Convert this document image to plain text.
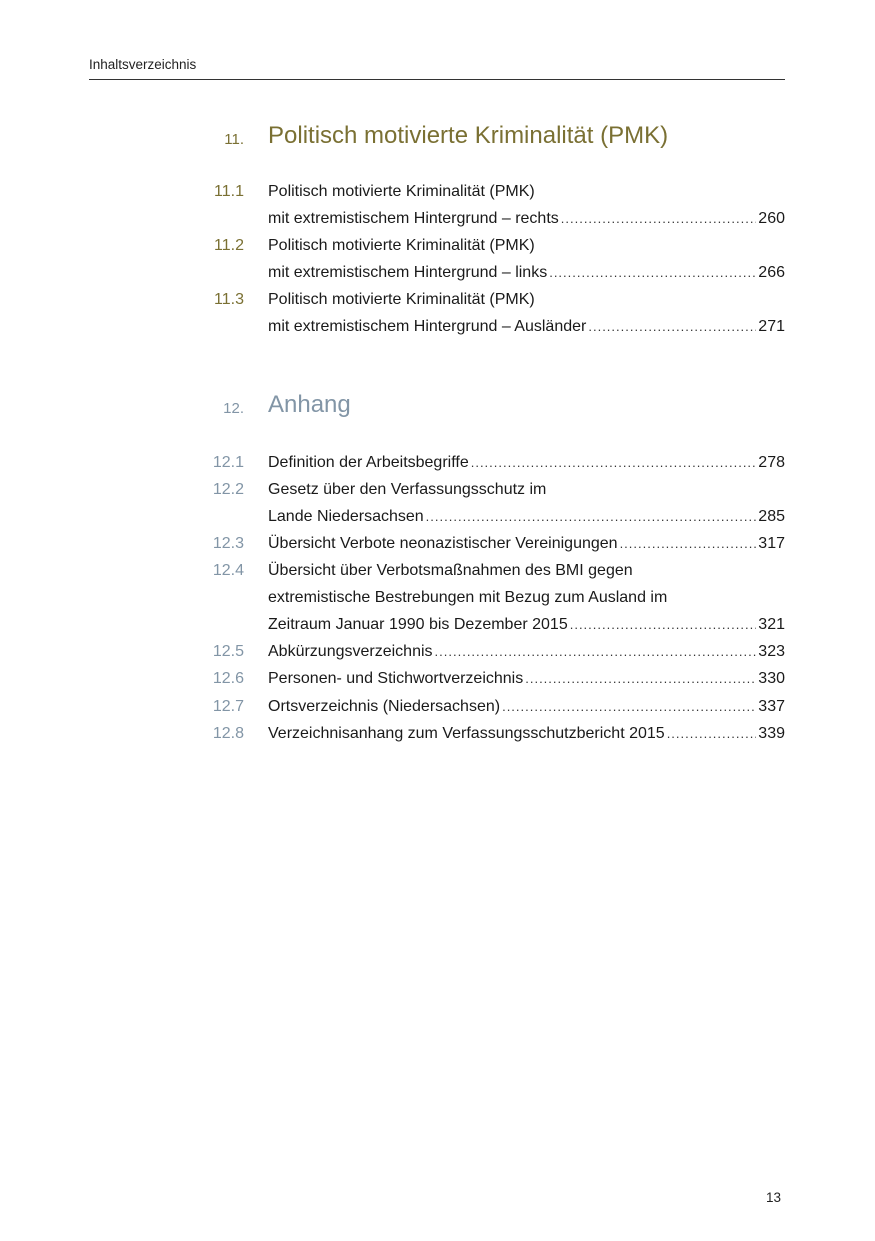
Inhaltsverzeichnis
11. Politisch motivierte Kriminalität (PMK)
11.1 Politisch motivierte Kriminalität (PMK)
mit extremistischem Hintergrund – rechts .....	260
11.2 Politisch motivierte Kriminalität (PMK)
mit extremistischem Hintergrund – links .....	266
11.3 Politisch motivierte Kriminalität (PMK)
mit extremistischem Hintergrund – Ausländer .....	271
12. Anhang
12.1 Definition der Arbeitsbegriffe .....	278
12.2 Gesetz über den Verfassungsschutz im
Lande Niedersachsen .....	285
12.3 Übersicht Verbote neonazistischer Vereinigungen .....	317
12.4 Übersicht über Verbotsmaßnahmen des BMI gegen
extremistische Bestrebungen mit Bezug zum Ausland im
Zeitraum Januar 1990 bis Dezember 2015 .....	321
12.5 Abkürzungsverzeichnis .....	323
12.6 Personen- und Stichwortverzeichnis .....	330
12.7 Ortsverzeichnis (Niedersachsen) .....	337
12.8 Verzeichnisanhang zum Verfassungsschutzbericht 2015 .....	339
13
